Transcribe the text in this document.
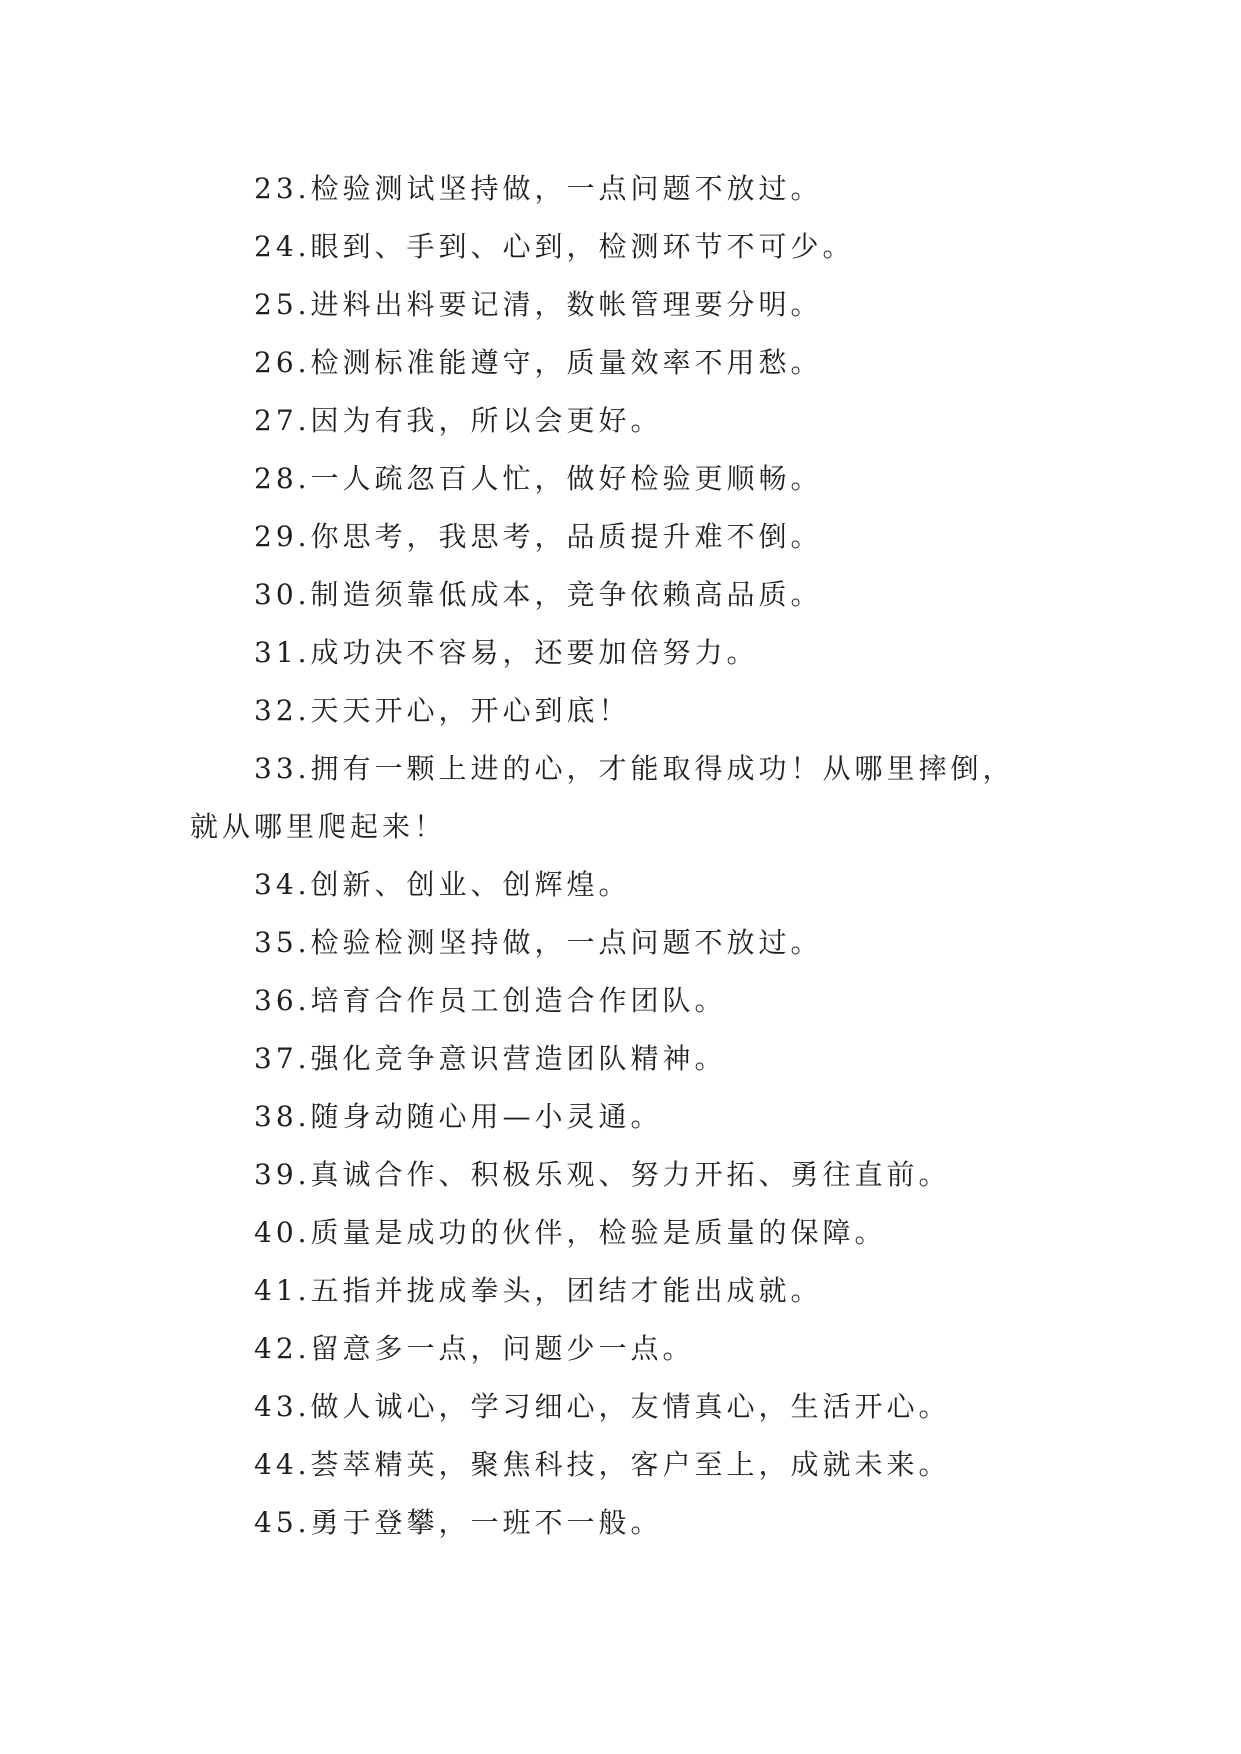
23.检验测试坚持做，一点问题不放过。

24.眼到、手到、心到，检测环节不可少。

25.进料出料要记清，数帐管理要分明。

26.检测标准能遵守，质量效率不用愁。

27.因为有我，所以会更好。

28.一人疏忽百人忙，做好检验更顺畅。

29.你思考，我思考，品质提升难不倒。

30.制造须靠低成本，竞争依赖高品质。

31.成功决不容易，还要加倍努力。

32.天天开心，开心到底！

33.拥有一颗上进的心，才能取得成功！从哪里摔倒，就从哪里爬起来！

34.创新、创业、创辉煌。

35.检验检测坚持做，一点问题不放过。

36.培育合作员工创造合作团队。

37.强化竞争意识营造团队精神。

38.随身动随心用—小灵通。

39.真诚合作、积极乐观、努力开拓、勇往直前。

40.质量是成功的伙伴，检验是质量的保障。

41.五指并拢成拳头，团结才能出成就。

42.留意多一点，问题少一点。

43.做人诚心，学习细心，友情真心，生活开心。

44.荟萃精英，聚焦科技，客户至上，成就未来。

45.勇于登攀，一班不一般。
